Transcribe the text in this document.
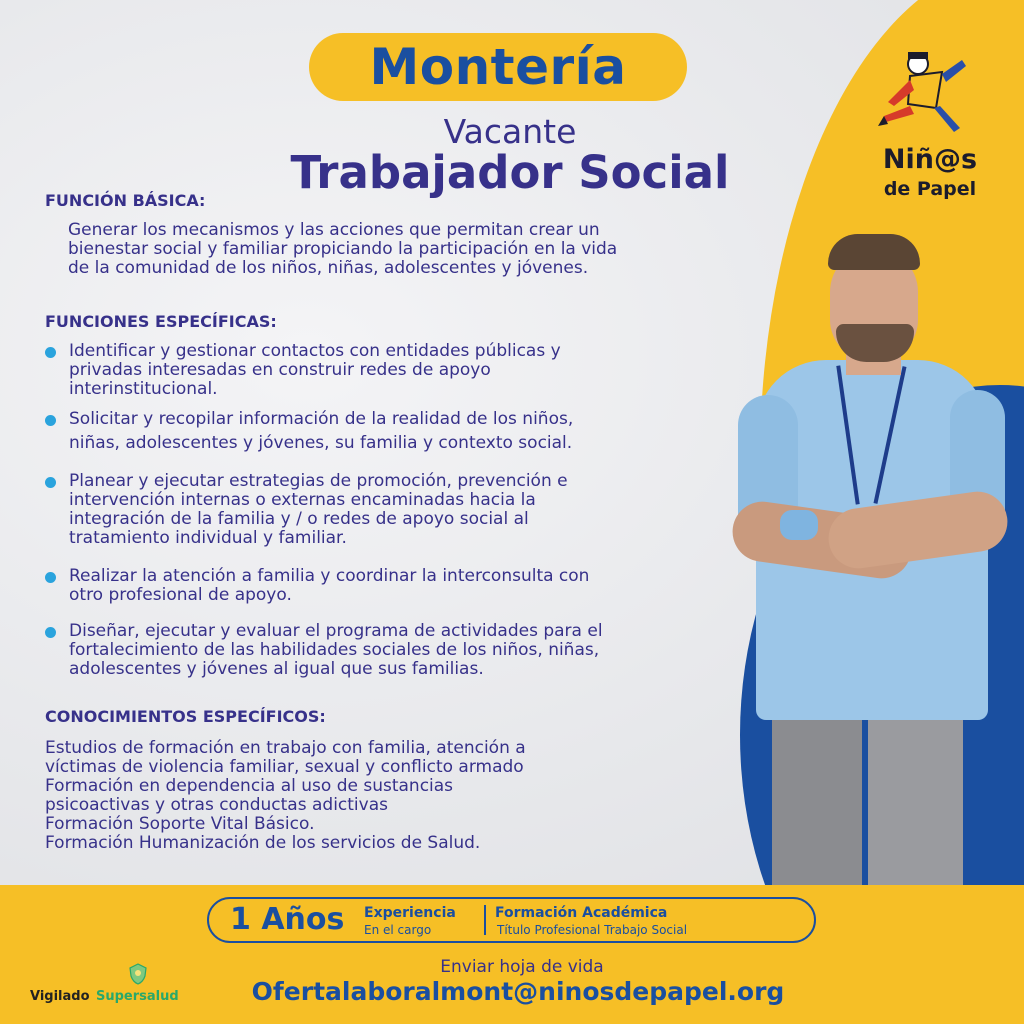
Niñ@s
de Papel
Montería
Vacante
Trabajador Social
FUNCIÓN BÁSICA:
Generar los mecanismos y las acciones que permitan crear un
bienestar social y familiar propiciando la participación en la vida
de la comunidad de los niños, niñas, adolescentes y jóvenes.
FUNCIONES ESPECÍFICAS:
Identificar y gestionar contactos con entidades públicas y
privadas interesadas en construir redes de apoyo
interinstitucional.
Solicitar y recopilar información de la realidad de los niños,
niñas, adolescentes y jóvenes, su familia y contexto social.
Planear y ejecutar estrategias de promoción, prevención e
intervención internas o externas encaminadas hacia la
integración de la familia y / o redes de apoyo social al
tratamiento individual y familiar.
Realizar la atención a familia y coordinar la interconsulta con
otro profesional de apoyo.
Diseñar, ejecutar y evaluar el programa de actividades para el
fortalecimiento de las habilidades sociales de los niños, niñas,
adolescentes y jóvenes al igual que sus familias.
CONOCIMIENTOS ESPECÍFICOS:
Estudios de formación en trabajo con familia, atención a
víctimas de violencia familiar, sexual y conflicto armado
Formación en dependencia al uso de sustancias
psicoactivas y otras conductas adictivas
Formación Soporte Vital Básico.
Formación Humanización de los servicios de Salud.
1 Años Experiencia
En el cargo
Formación Académica
Título Profesional Trabajo Social
Enviar hoja de vida
Ofertalaboralmont@ninosdepapel.org
Vigilado Supersalud
